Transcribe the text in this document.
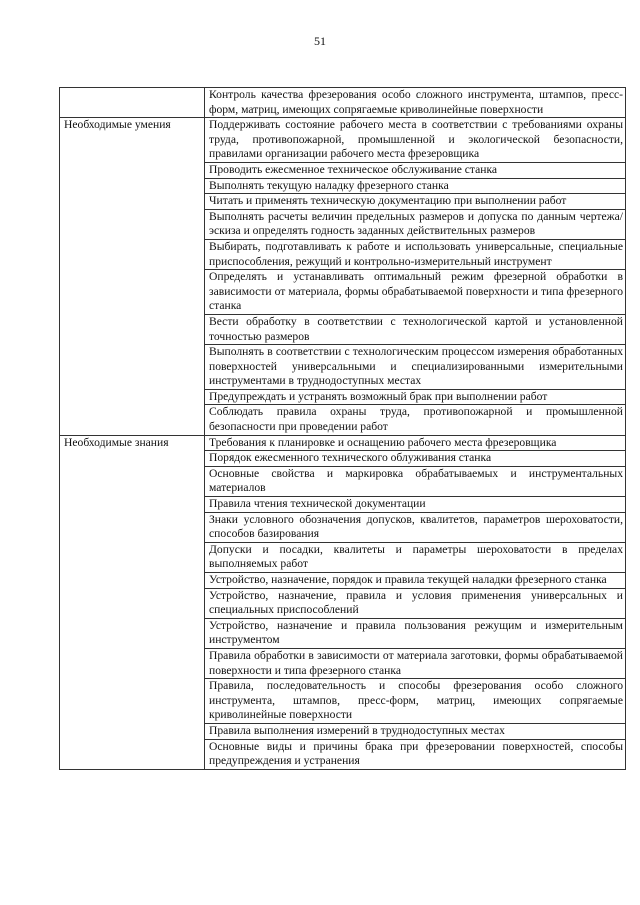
51
	Контроль качества фрезерования особо сложного инструмента, штампов, пресс-форм, матриц, имеющих сопрягаемые криволинейные поверхности
Необходимые умения	Поддерживать состояние рабочего места в соответствии с требованиями охраны труда, противопожарной, промышленной и экологической безопасности, правилами организации рабочего места фрезеровщика
	Проводить ежесменное техническое обслуживание станка
	Выполнять текущую наладку фрезерного станка
	Читать и применять техническую документацию при выполнении работ
	Выполнять расчеты величин предельных размеров и допуска по данным чертежа/эскиза и определять годность заданных действительных размеров
	Выбирать, подготавливать к работе и использовать универсальные, специальные приспособления, режущий и контрольно-измерительный инструмент
	Определять и устанавливать оптимальный режим фрезерной обработки в зависимости от материала, формы обрабатываемой поверхности и типа фрезерного станка
	Вести обработку в соответствии с технологической картой и установленной точностью размеров
	Выполнять в соответствии с технологическим процессом измерения обработанных поверхностей универсальными и специализированными измерительными инструментами в труднодоступных местах
	Предупреждать и устранять возможный брак при выполнении работ
	Соблюдать правила охраны труда, противопожарной и промышленной безопасности при проведении работ
Необходимые знания	Требования к планировке и оснащению рабочего места фрезеровщика
	Порядок ежесменного технического облуживания станка
	Основные свойства и маркировка обрабатываемых и инструментальных материалов
	Правила чтения технической документации
	Знаки условного обозначения допусков, квалитетов, параметров шероховатости, способов базирования
	Допуски и посадки, квалитеты и параметры шероховатости в пределах выполняемых работ
	Устройство, назначение, порядок и правила текущей наладки фрезерного станка
	Устройство, назначение, правила и условия применения универсальных и специальных приспособлений
	Устройство, назначение и правила пользования режущим и измерительным инструментом
	Правила обработки в зависимости от материала заготовки, формы обрабатываемой поверхности и типа фрезерного станка
	Правила, последовательность и способы фрезерования особо сложного инструмента, штампов, пресс-форм, матриц, имеющих сопрягаемые криволинейные поверхности
	Правила выполнения измерений в труднодоступных местах
	Основные виды и причины брака при фрезеровании поверхностей, способы предупреждения и устранения
